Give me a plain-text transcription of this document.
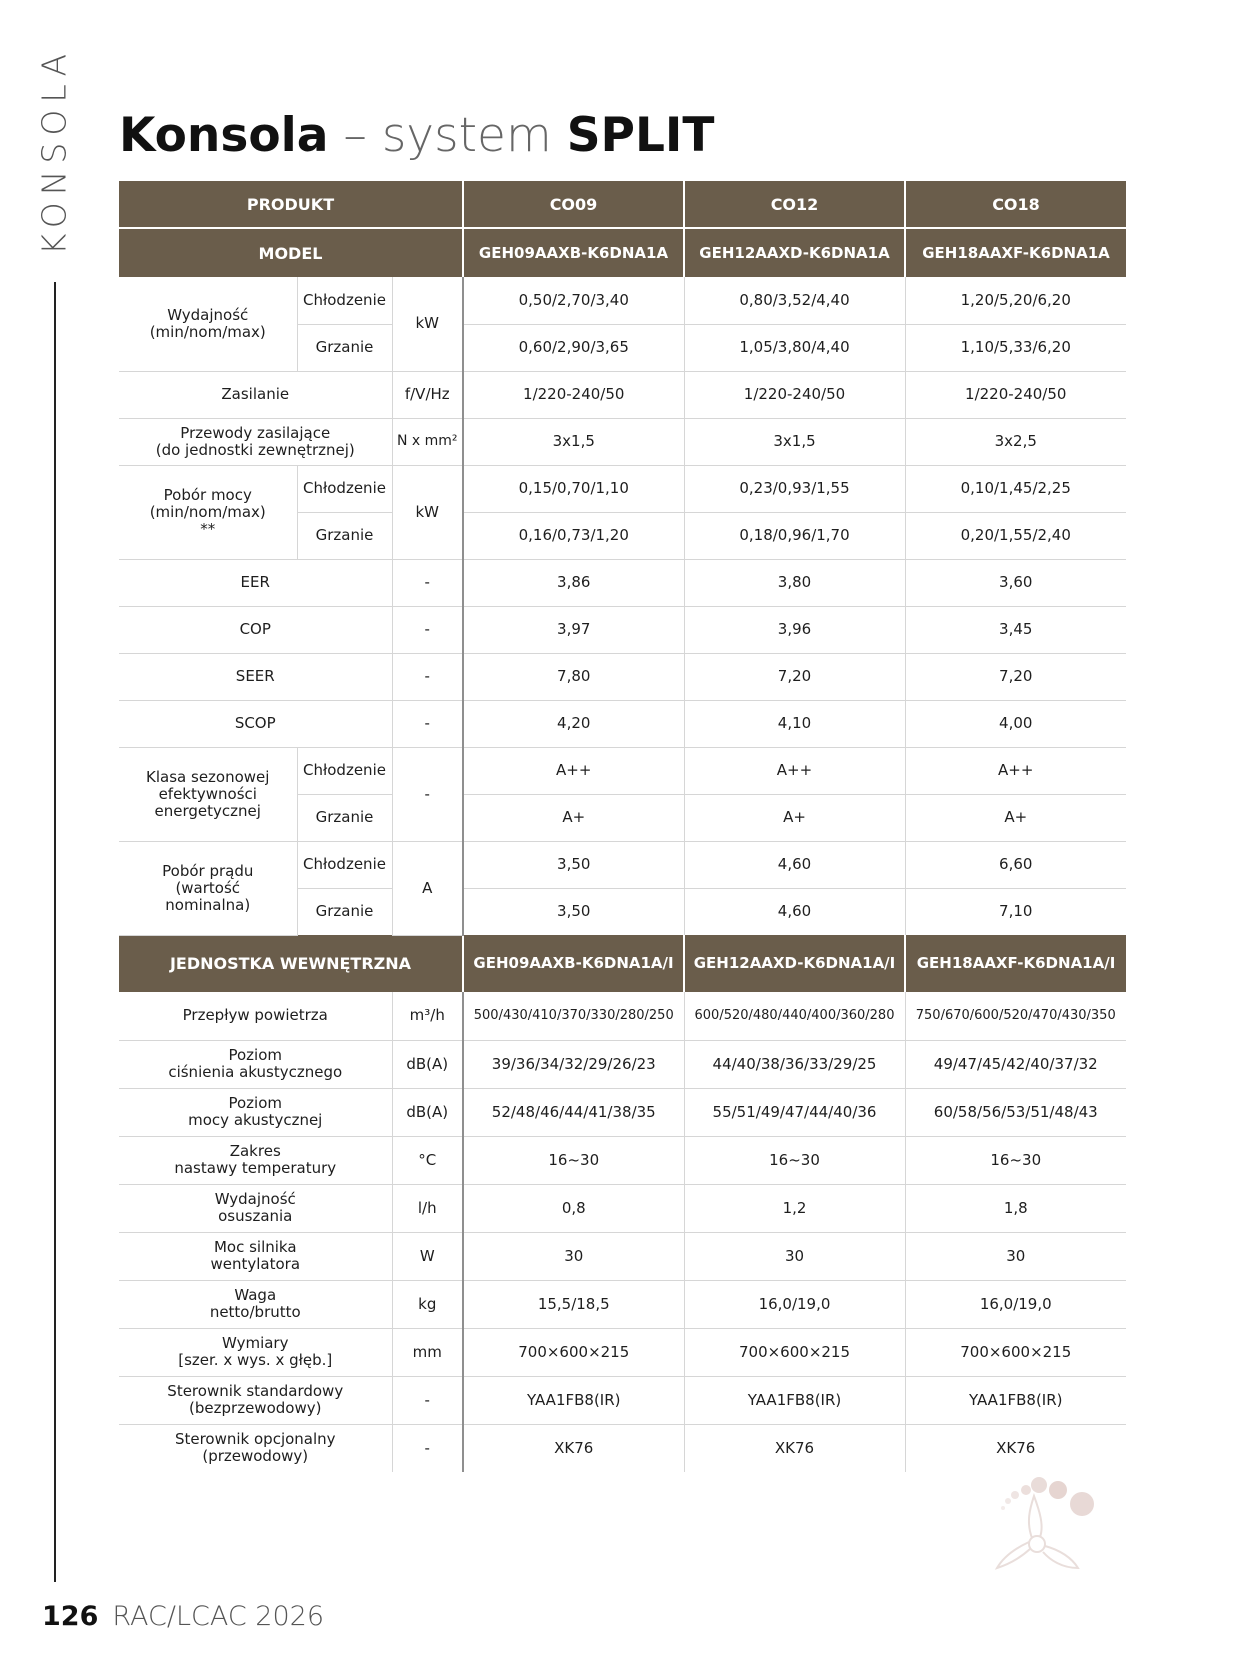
KONSOLA Konsola – system SPLIT
PRODUKT			CO09	CO12	CO18
MODEL			GEH09AAXB-K6DNA1A	GEH12AAXD-K6DNA1A	GEH18AAXF-K6DNA1A
Wydajność
(min/nom/max)	Chłodzenie	kW	0,50/2,70/3,40	0,80/3,52/4,40	1,20/5,20/6,20
	Grzanie		0,60/2,90/3,65	1,05/3,80/4,40	1,10/5,33/6,20
Zasilanie		f/V/Hz	1/220-240/50	1/220-240/50	1/220-240/50
Przewody zasilające
(do jednostki zewnętrznej)		N x mm²	3x1,5	3x1,5	3x2,5
Pobór mocy
(min/nom/max)
**	Chłodzenie	kW	0,15/0,70/1,10	0,23/0,93/1,55	0,10/1,45/2,25
	Grzanie		0,16/0,73/1,20	0,18/0,96/1,70	0,20/1,55/2,40
EER		-	3,86	3,80	3,60
COP		-	3,97	3,96	3,45
SEER		-	7,80	7,20	7,20
SCOP		-	4,20	4,10	4,00
Klasa sezonowej
efektywności
energetycznej	Chłodzenie	-	A++	A++	A++
	Grzanie		A+	A+	A+
Pobór prądu
(wartość
nominalna)	Chłodzenie	A	3,50	4,60	6,60
	Grzanie		3,50	4,60	7,10
JEDNOSTKA WEWNĘTRZNA			GEH09AAXB-K6DNA1A/I	GEH12AAXD-K6DNA1A/I	GEH18AAXF-K6DNA1A/I
Przepływ powietrza		m³/h	500/430/410/370/330/280/250	600/520/480/440/400/360/280	750/670/600/520/470/430/350
Poziom
ciśnienia akustycznego		dB(A)	39/36/34/32/29/26/23	44/40/38/36/33/29/25	49/47/45/42/40/37/32
Poziom
mocy akustycznej		dB(A)	52/48/46/44/41/38/35	55/51/49/47/44/40/36	60/58/56/53/51/48/43
Zakres
nastawy temperatury		°C	16~30	16~30	16~30
Wydajność
osuszania		l/h	0,8	1,2	1,8
Moc silnika
wentylatora		W	30	30	30
Waga
netto/brutto		kg	15,5/18,5	16,0/19,0	16,0/19,0
Wymiary
[szer. x wys. x głęb.]		mm	700×600×215	700×600×215	700×600×215
Sterownik standardowy
(bezprzewodowy)		-	YAA1FB8(IR)	YAA1FB8(IR)	YAA1FB8(IR)
Sterownik opcjonalny
(przewodowy)		-	XK76	XK76	XK76
126 RAC/LCAC 2026
